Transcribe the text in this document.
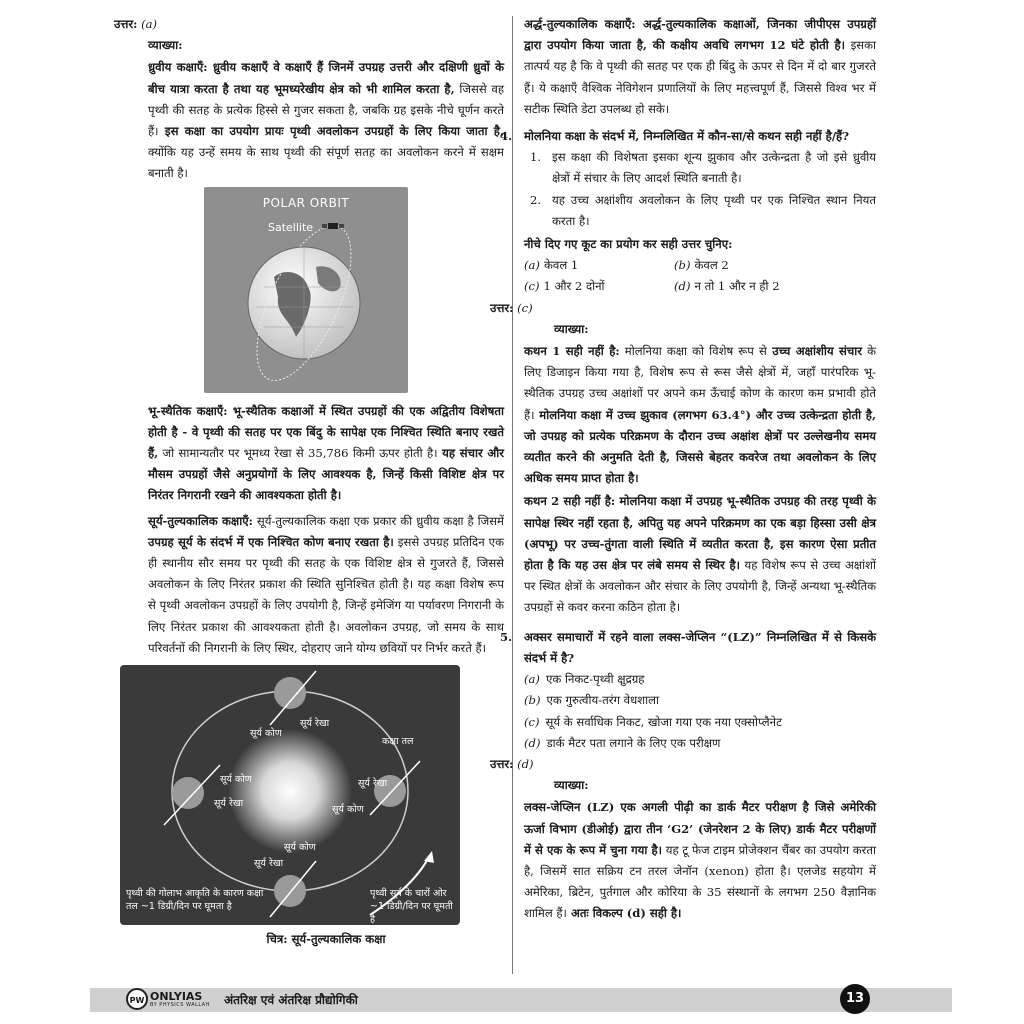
उत्तर: (a)

व्याख्या:

ध्रुवीय कक्षाएँ: ध्रुवीय कक्षाएँ वे कक्षाएँ हैं जिनमें उपग्रह उत्तरी और दक्षिणी ध्रुवों के बीच यात्रा करता है तथा यह भूमध्यरेखीय क्षेत्र को भी शामिल करता है, जिससे वह पृथ्वी की सतह के प्रत्येक हिस्से से गुजर सकता है, जबकि ग्रह इसके नीचे घूर्णन करते हैं। इस कक्षा का उपयोग प्रायः पृथ्वी अवलोकन उपग्रहों के लिए किया जाता है, क्योंकि यह उन्हें समय के साथ पृथ्वी की संपूर्ण सतह का अवलोकन करने में सक्षम बनाती है।

POLAR ORBIT
Satellite

भू-स्थैतिक कक्षाएँ: भू-स्थैतिक कक्षाओं में स्थित उपग्रहों की एक अद्वितीय विशेषता होती है - वे पृथ्वी की सतह पर एक बिंदु के सापेक्ष एक निश्चित स्थिति बनाए रखते हैं, जो सामान्यतौर पर भूमध्य रेखा से 35,786 किमी ऊपर होती है। यह संचार और मौसम उपग्रहों जैसे अनुप्रयोगों के लिए आवश्यक है, जिन्हें किसी विशिष्ट क्षेत्र पर निरंतर निगरानी रखने की आवश्यकता होती है।

सूर्य-तुल्यकालिक कक्षाएँ: सूर्य-तुल्यकालिक कक्षा एक प्रकार की ध्रुवीय कक्षा है जिसमें उपग्रह सूर्य के संदर्भ में एक निश्चित कोण बनाए रखता है। इससे उपग्रह प्रतिदिन एक ही स्थानीय सौर समय पर पृथ्वी की सतह के एक विशिष्ट क्षेत्र से गुजरते हैं, जिससे अवलोकन के लिए निरंतर प्रकाश की स्थिति सुनिश्चित होती है। यह कक्षा विशेष रूप से पृथ्वी अवलोकन उपग्रहों के लिए उपयोगी है, जिन्हें इमेजिंग या पर्यावरण निगरानी के लिए निरंतर प्रकाश की आवश्यकता होती है। अवलोकन उपग्रह, जो समय के साथ परिवर्तनों की निगरानी के लिए स्थिर, दोहराए जाने योग्य छवियों पर निर्भर करते हैं।

सूर्य रेखा
सूर्य कोण
कक्षा तल
सूर्य कोण
सूर्य रेखा
सूर्य रेखा
सूर्य कोण
सूर्य कोण
सूर्य रेखा
पृथ्वी की गोलाभ आकृति के कारण कक्षा तल ~1 डिग्री/दिन पर घूमता है
पृथ्वी सूर्य के चारों ओर ~1 डिग्री/दिन पर घूमती है

चित्र: सूर्य-तुल्यकालिक कक्षा

अर्द्ध-तुल्यकालिक कक्षाएँ: अर्द्ध-तुल्यकालिक कक्षाओं, जिनका जीपीएस उपग्रहों द्वारा उपयोग किया जाता है, की कक्षीय अवधि लगभग 12 घंटे होती है। इसका तात्पर्य यह है कि वे पृथ्वी की सतह पर एक ही बिंदु के ऊपर से दिन में दो बार गुजरते हैं। ये कक्षाएँ वैश्विक नेविगेशन प्रणालियों के लिए महत्त्वपूर्ण हैं, जिससे विश्व भर में सटीक स्थिति डेटा उपलब्ध हो सके।

4. मोलनिया कक्षा के संदर्भ में, निम्नलिखित में कौन-सा/से कथन सही नहीं है/हैं?

1. इस कक्षा की विशेषता इसका शून्य झुकाव और उत्केन्द्रता है जो इसे ध्रुवीय क्षेत्रों में संचार के लिए आदर्श स्थिति बनाती है।

2. यह उच्च अक्षांशीय अवलोकन के लिए पृथ्वी पर एक निश्चित स्थान नियत करता है।

नीचे दिए गए कूट का प्रयोग कर सही उत्तर चुनिए:

(a) केवल 1	(b) केवल 2
(c) 1 और 2 दोनों	(d) न तो 1 और न ही 2

उत्तर: (c)

व्याख्या:

कथन 1 सही नहीं है: मोलनिया कक्षा को विशेष रूप से उच्च अक्षांशीय संचार के लिए डिजाइन किया गया है, विशेष रूप से रूस जैसे क्षेत्रों में, जहाँ पारंपरिक भू-स्थैतिक उपग्रह उच्च अक्षांशों पर अपने कम ऊँचाई कोण के कारण कम प्रभावी होते हैं। मोलनिया कक्षा में उच्च झुकाव (लगभग 63.4°) और उच्च उत्केन्द्रता होती है, जो उपग्रह को प्रत्येक परिक्रमण के दौरान उच्च अक्षांश क्षेत्रों पर उल्लेखनीय समय व्यतीत करने की अनुमति देती है, जिससे बेहतर कवरेज तथा अवलोकन के लिए अधिक समय प्राप्त होता है।

कथन 2 सही नहीं है: मोलनिया कक्षा में उपग्रह भू-स्थैतिक उपग्रह की तरह पृथ्वी के सापेक्ष स्थिर नहीं रहता है, अपितु यह अपने परिक्रमण का एक बड़ा हिस्सा उसी क्षेत्र (अपभू) पर उच्च-तुंगता वाली स्थिति में व्यतीत करता है, इस कारण ऐसा प्रतीत होता है कि यह उस क्षेत्र पर लंबे समय से स्थिर है। यह विशेष रूप से उच्च अक्षांशों पर स्थित क्षेत्रों के अवलोकन और संचार के लिए उपयोगी है, जिन्हें अन्यथा भू-स्थैतिक उपग्रहों से कवर करना कठिन होता है।

5. अक्सर समाचारों में रहने वाला लक्स-जेप्लिन “(LZ)” निम्नलिखित में से किसके संदर्भ में है?

(a) एक निकट-पृथ्वी क्षुद्रग्रह
(b) एक गुरुत्वीय-तरंग वेधशाला
(c) सूर्य के सर्वाधिक निकट, खोजा गया एक नया एक्सोप्लैनेट
(d) डार्क मैटर पता लगाने के लिए एक परीक्षण

उत्तर: (d)

व्याख्या:

लक्स-जेप्लिन (LZ) एक अगली पीढ़ी का डार्क मैटर परीक्षण है जिसे अमेरिकी ऊर्जा विभाग (डीओई) द्वारा तीन ‘G2’ (जेनरेशन 2 के लिए) डार्क मैटर परीक्षणों में से एक के रूप में चुना गया है। यह टू फेज टाइम प्रोजेक्शन चैंबर का उपयोग करता है, जिसमें सात सक्रिय टन तरल जेनॉन (xenon) होता है। एलजेड सहयोग में अमेरिका, ब्रिटेन, पुर्तगाल और कोरिया के 35 संस्थानों के लगभग 250 वैज्ञानिक शामिल हैं। अतः विकल्प (d) सही है।

PW ONLYIAS
BY PHYSICS WALLAH अंतरिक्ष एवं अंतरिक्ष प्रौद्योगिकी	13
